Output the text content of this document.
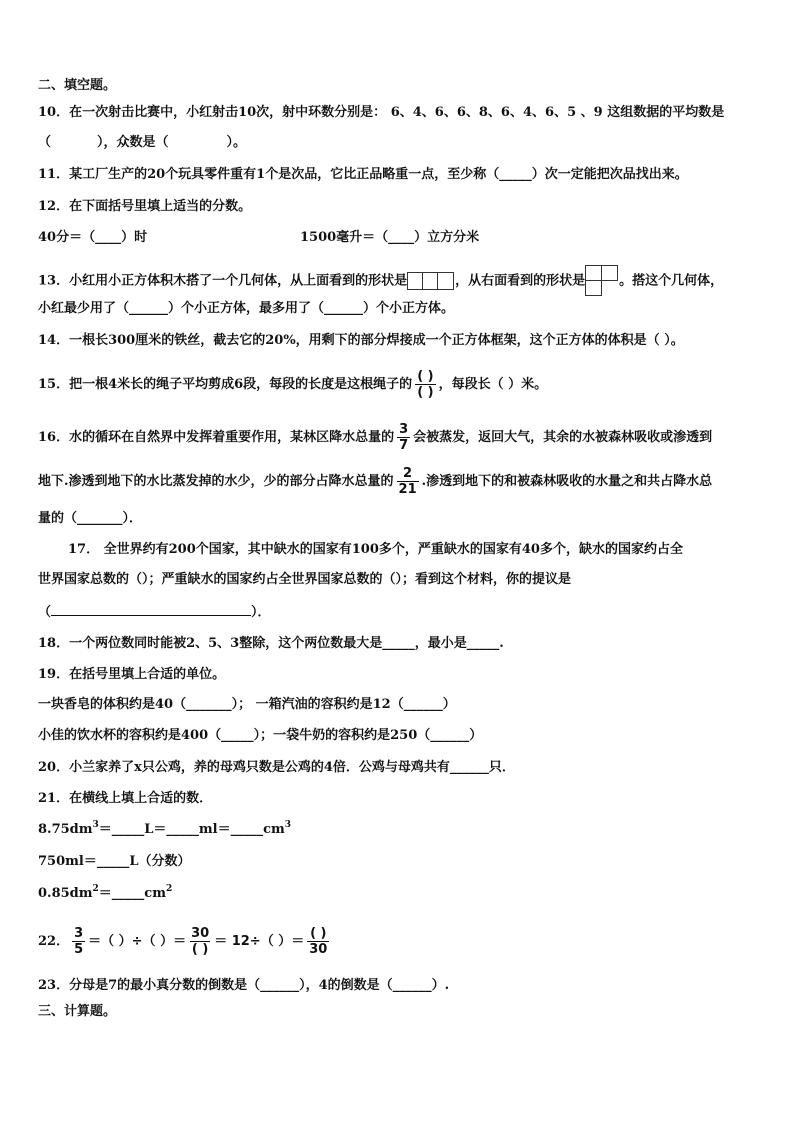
二、填空题。
10．在一次射击比赛中，小红射击10次，射中环数分别是： 6、4、6、6、8、6、4、6、5 、9 这组数据的平均数是
（	），众数是（	）。
11．某工厂生产的20个玩具零件重有1个是次品，它比正品略重一点，至少称（_____）次一定能把次品找出来。
12．在下面括号里填上适当的分数。
40分＝（____）时	1500毫升＝（____）立方分米
13．小红用小正方体积木搭了一个几何体，从上面看到的形状是	，从右面看到的形状是	。搭这个几何体，
小红最少用了（______）个小正方体，最多用了（______）个小正方体。
14．一根长300厘米的铁丝，截去它的20%，用剩下的部分焊接成一个正方体框架，这个正方体的体积是（ ）。
15．把一根4米长的绳子平均剪成6段，每段的长度是这根绳子的 $\frac{( )}{( )}$ ，每段长（ ）米。
16．水的循环在自然界中发挥着重要作用，某林区降水总量的 $\frac{3}{7}$ 会被蒸发，返回大气，其余的水被森林吸收或渗透到
地下.渗透到地下的水比蒸发掉的水少，少的部分占降水总量的 $\frac{2}{21}$ .渗透到地下的和被森林吸收的水量之和共占降水总
量的（_______）．
17． 全世界约有200个国家，其中缺水的国家有100多个，严重缺水的国家有40多个，缺水的国家约占全
世界国家总数的（）；严重缺水的国家约占全世界国家总数的（）；看到这个材料，你的提议是
（	）．
18．一个两位数同时能被2、5、3整除，这个两位数最大是_____，最小是_____.
19．在括号里填上合适的单位。
一块香皂的体积约是40（_______）； 一箱汽油的容积约是12（______）
小佳的饮水杯的容积约是400（_____）；一袋牛奶的容积约是250（______）
20．小兰家养了x只公鸡，养的母鸡只数是公鸡的4倍．公鸡与母鸡共有______只．
21．在横线上填上合适的数．
$8.75dm^3=\_\_\_\_\_L=\_\_\_\_\_ml=\_\_\_\_\_cm^3$
750ml＝_____L（分数）
$0.85dm^2=\_\_\_\_\_cm^2$
22． $\frac{3}{5}$ ＝（ ）÷（ ）＝ $\frac{30}{( )} = 12\div$（ ）＝ $\frac{( )}{30}$
23．分母是7的最小真分数的倒数是（______），4的倒数是（______）.
三、计算题。
